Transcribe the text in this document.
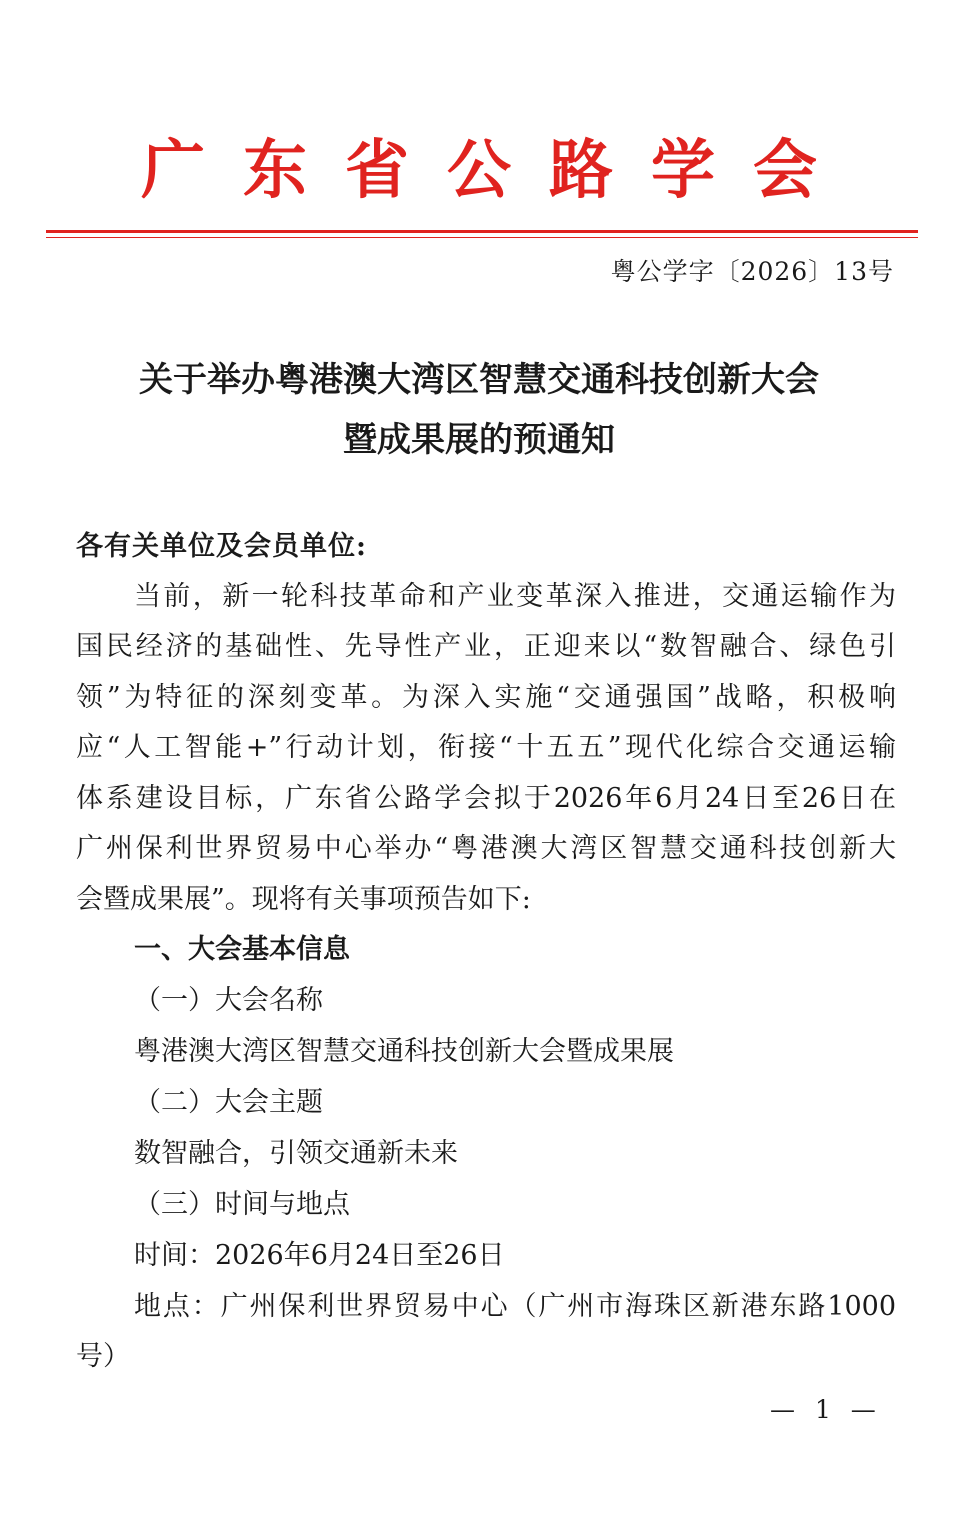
广东省公路学会
粤公学字〔2026〕13号
关于举办粤港澳大湾区智慧交通科技创新大会
暨成果展的预通知
各有关单位及会员单位:
当前，新一轮科技革命和产业变革深入推进，交通运输作为
国民经济的基础性、先导性产业，正迎来以“数智融合、绿色引
领”为特征的深刻变革。为深入实施“交通强国”战略，积极响
应“人工智能+”行动计划，衔接“十五五”现代化综合交通运输
体系建设目标，广东省公路学会拟于2026年6月24日至26日在
广州保利世界贸易中心举办“粤港澳大湾区智慧交通科技创新大
会暨成果展”。现将有关事项预告如下:
一、大会基本信息
（一）大会名称
粤港澳大湾区智慧交通科技创新大会暨成果展
（二）大会主题
数智融合，引领交通新未来
（三）时间与地点
时间：2026年6月24日至26日
地点：广州保利世界贸易中心（广州市海珠区新港东路1000
号）
— 1 —
